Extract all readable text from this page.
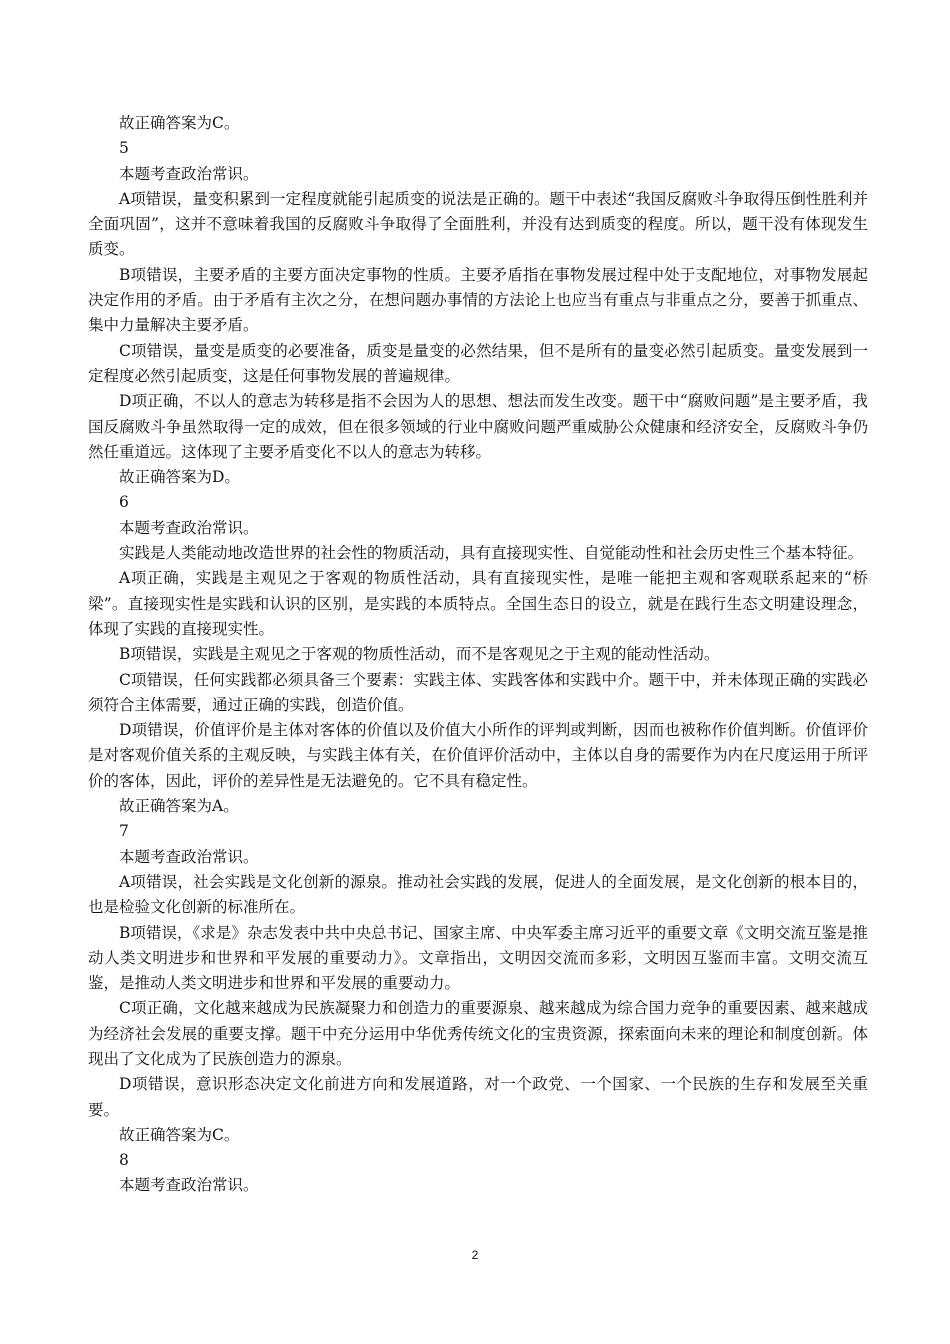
故正确答案为C。

5

本题考查政治常识。

A项错误，量变积累到一定程度就能引起质变的说法是正确的。题干中表述“我国反腐败斗争取得压倒性胜利并全面巩固”，这并不意味着我国的反腐败斗争取得了全面胜利，并没有达到质变的程度。所以，题干没有体现发生质变。

B项错误，主要矛盾的主要方面决定事物的性质。主要矛盾指在事物发展过程中处于支配地位，对事物发展起决定作用的矛盾。由于矛盾有主次之分，在想问题办事情的方法论上也应当有重点与非重点之分，要善于抓重点、集中力量解决主要矛盾。

C项错误，量变是质变的必要准备，质变是量变的必然结果，但不是所有的量变必然引起质变。量变发展到一定程度必然引起质变，这是任何事物发展的普遍规律。

D项正确，不以人的意志为转移是指不会因为人的思想、想法而发生改变。题干中“腐败问题”是主要矛盾，我国反腐败斗争虽然取得一定的成效，但在很多领域的行业中腐败问题严重威胁公众健康和经济安全，反腐败斗争仍然任重道远。这体现了主要矛盾变化不以人的意志为转移。

故正确答案为D。

6

本题考查政治常识。

实践是人类能动地改造世界的社会性的物质活动，具有直接现实性、自觉能动性和社会历史性三个基本特征。

A项正确，实践是主观见之于客观的物质性活动，具有直接现实性，是唯一能把主观和客观联系起来的“桥梁”。直接现实性是实践和认识的区别，是实践的本质特点。全国生态日的设立，就是在践行生态文明建设理念，体现了实践的直接现实性。

B项错误，实践是主观见之于客观的物质性活动，而不是客观见之于主观的能动性活动。

C项错误，任何实践都必须具备三个要素：实践主体、实践客体和实践中介。题干中，并未体现正确的实践必须符合主体需要，通过正确的实践，创造价值。

D项错误，价值评价是主体对客体的价值以及价值大小所作的评判或判断，因而也被称作价值判断。价值评价是对客观价值关系的主观反映，与实践主体有关，在价值评价活动中，主体以自身的需要作为内在尺度运用于所评价的客体，因此，评价的差异性是无法避免的。它不具有稳定性。

故正确答案为A。

7

本题考查政治常识。

A项错误，社会实践是文化创新的源泉。推动社会实践的发展，促进人的全面发展，是文化创新的根本目的，也是检验文化创新的标准所在。

B项错误，《求是》杂志发表中共中央总书记、国家主席、中央军委主席习近平的重要文章《文明交流互鉴是推动人类文明进步和世界和平发展的重要动力》。文章指出，文明因交流而多彩，文明因互鉴而丰富。文明交流互鉴，是推动人类文明进步和世界和平发展的重要动力。

C项正确，文化越来越成为民族凝聚力和创造力的重要源泉、越来越成为综合国力竞争的重要因素、越来越成为经济社会发展的重要支撑。题干中充分运用中华优秀传统文化的宝贵资源，探索面向未来的理论和制度创新。体现出了文化成为了民族创造力的源泉。

D项错误，意识形态决定文化前进方向和发展道路，对一个政党、一个国家、一个民族的生存和发展至关重要。

故正确答案为C。

8

本题考查政治常识。

2
